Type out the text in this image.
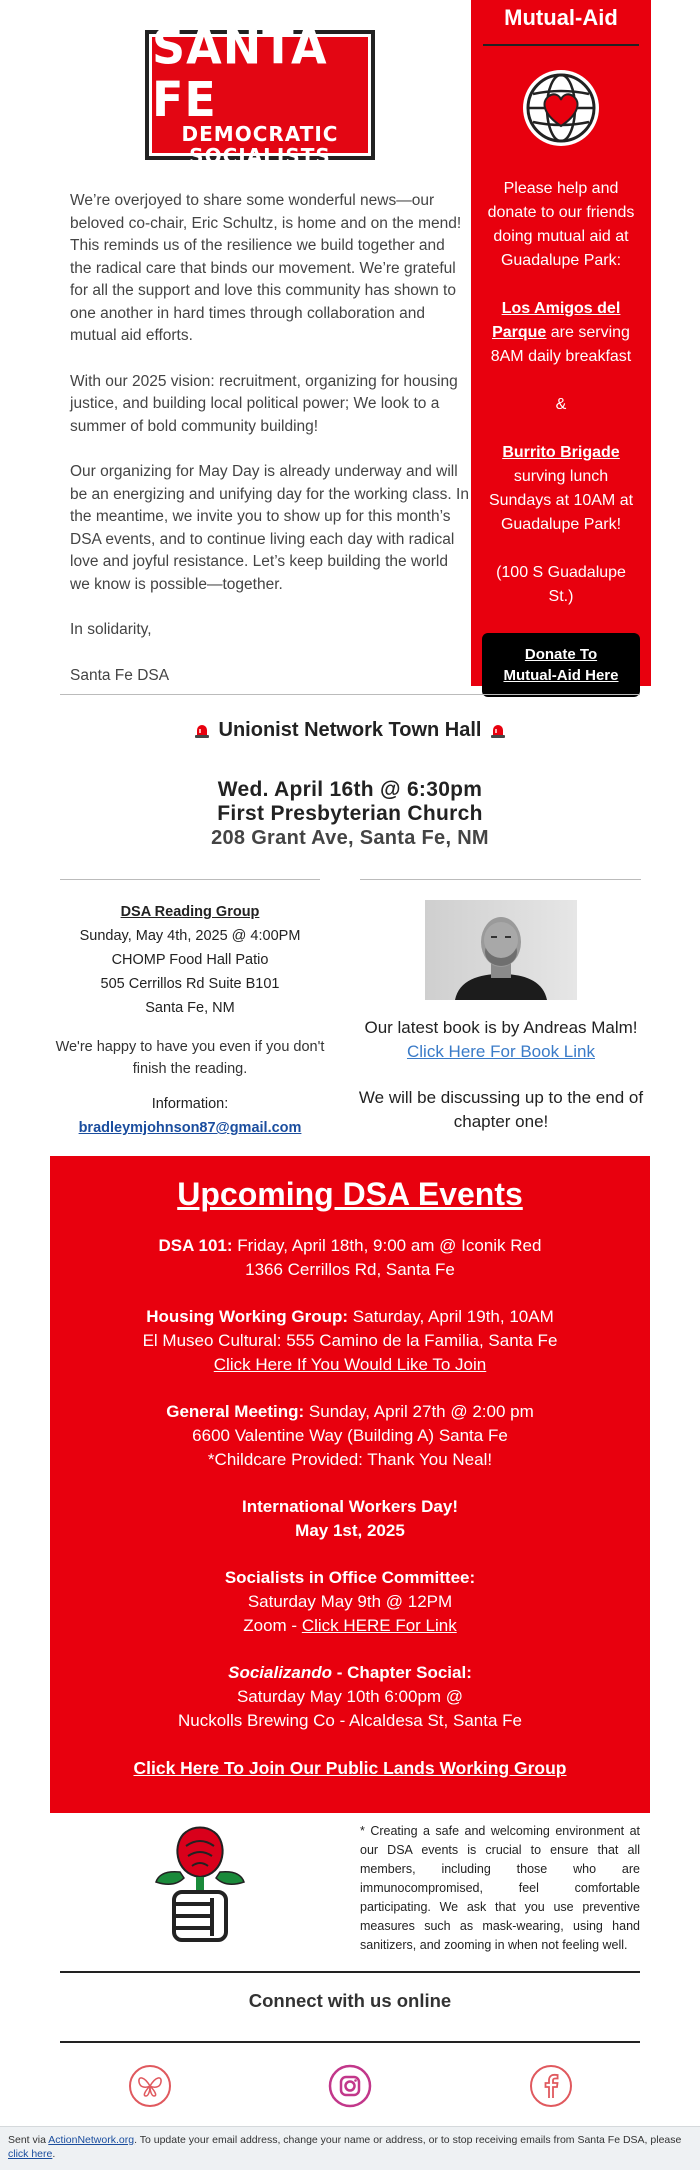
SANTA FE
DEMOCRATIC
SOCIALISTS

We’re overjoyed to share some wonderful news—our beloved co-chair, Eric Schultz, is home and on the mend! This reminds us of the resilience we build together and the radical care that binds our movement. We’re grateful for all the support and love this community has shown to one another in hard times through collaboration and mutual aid efforts.

With our 2025 vision: recruitment, organizing for housing justice, and building local political power; We look to a summer of bold community building!

Our organizing for May Day is already underway and will be an energizing and unifying day for the working class. In the meantime, we invite you to show up for this month’s DSA events, and to continue living each day with radical love and joyful resistance. Let’s keep building the world we know is possible—together.

In solidarity,

Santa Fe DSA

Mutual-Aid
Please help and donate to our friends doing mutual aid at Guadalupe Park:
Los Amigos del Parque are serving 8AM daily breakfast
&
Burrito Brigade
surving lunch Sundays at 10AM at Guadalupe Park!
(100 S Guadalupe St.)
Donate To
Mutual-Aid Here
Unionist Network Town Hall
Wed. April 16th @ 6:30pm
First Presbyterian Church
208 Grant Ave, Santa Fe, NM
DSA Reading Group
Sunday, May 4th, 2025 @ 4:00PM
CHOMP Food Hall Patio
505 Cerrillos Rd Suite B101
Santa Fe, NM
We're happy to have you even if you don't finish the reading.
Information:
bradleymjohnson87@gmail.com
Our latest book is by Andreas Malm!
Click Here For Book Link
We will be discussing up to the end of chapter one!
Upcoming DSA Events
DSA 101: Friday, April 18th, 9:00 am @ Iconik Red
1366 Cerrillos Rd, Santa Fe
Housing Working Group: Saturday, April 19th, 10AM
El Museo Cultural: 555 Camino de la Familia, Santa Fe
Click Here If You Would Like To Join
General Meeting: Sunday, April 27th @ 2:00 pm
6600 Valentine Way (Building A) Santa Fe
*Childcare Provided: Thank You Neal!
International Workers Day!
May 1st, 2025
Socialists in Office Committee:
Saturday May 9th @ 12PM
Zoom - Click HERE For Link
Socializando - Chapter Social:
Saturday May 10th 6:00pm @
Nuckolls Brewing Co - Alcaldesa St, Santa Fe
Click Here To Join Our Public Lands Working Group
* Creating a safe and welcoming environment at our DSA events is crucial to ensure that all members, including those who are immunocompromised, feel comfortable participating. We ask that you use preventive measures such as mask-wearing, using hand sanitizers, and zooming in when not feeling well.
Connect with us online
Sent via ActionNetwork.org. To update your email address, change your name or address, or to stop receiving emails from Santa Fe DSA, please click here.
